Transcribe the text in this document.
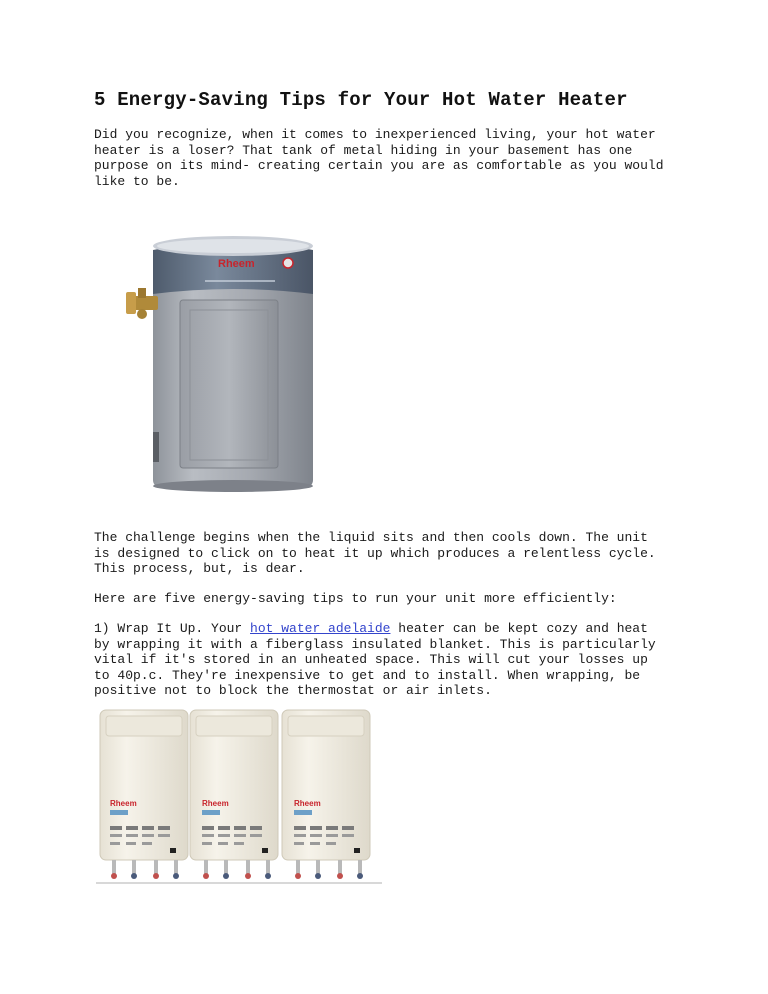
5 Energy-Saving Tips for Your Hot Water Heater

Did you recognize, when it comes to inexperienced living, your hot water
heater is a loser? That tank of metal hiding in your basement has one
purpose on its mind- creating certain you are as comfortable as you would
like to be.

Rheem

The challenge begins when the liquid sits and then cools down. The unit
is designed to click on to heat it up which produces a relentless cycle.
This process, but, is dear.

Here are five energy-saving tips to run your unit more efficiently:

1) Wrap It Up. Your hot water adelaide heater can be kept cozy and heat
by wrapping it with a fiberglass insulated blanket. This is particularly
vital if it's stored in an unheated space. This will cut your losses up
to 40p.c. They're inexpensive to get and to install. When wrapping, be
positive not to block the thermostat or air inlets.

Rheem	Rheem	Rheem
